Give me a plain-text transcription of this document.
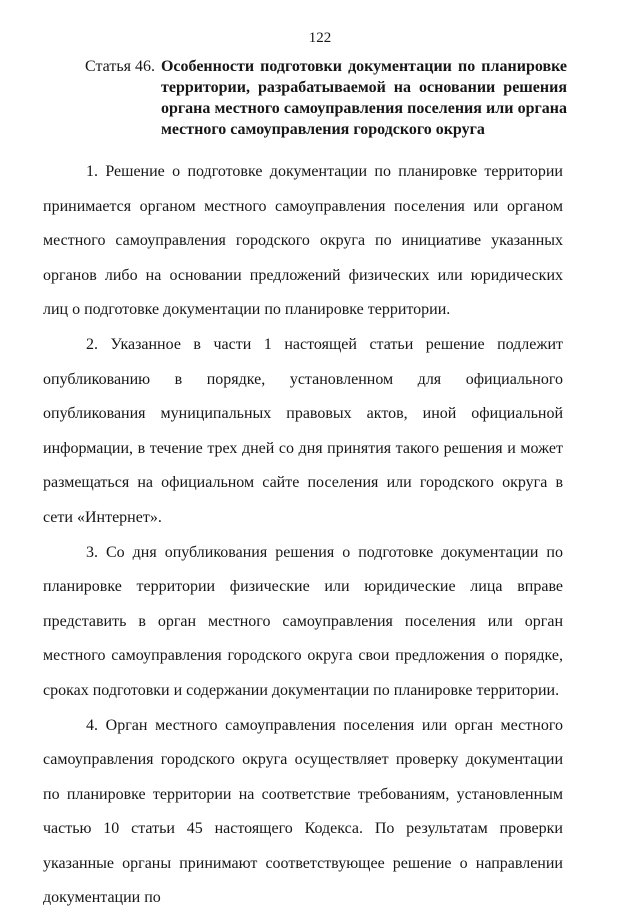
122
Статья 46. Особенности подготовки документации по планировке территории, разрабатываемой на основании решения органа местного самоуправления поселения или органа местного самоуправления городского округа

1. Решение о подготовке документации по планировке территории принимается органом местного самоуправления поселения или органом местного самоуправления городского округа по инициативе указанных органов либо на основании предложений физических или юридических лиц о подготовке документации по планировке территории.

2. Указанное в части 1 настоящей статьи решение подлежит опубликованию в порядке, установленном для официального опубликования муниципальных правовых актов, иной официальной информации, в течение трех дней со дня принятия такого решения и может размещаться на официальном сайте поселения или городского округа в сети «Интернет».

3. Со дня опубликования решения о подготовке документации по планировке территории физические или юридические лица вправе представить в орган местного самоуправления поселения или орган местного самоуправления городского округа свои предложения о порядке, сроках подготовки и содержании документации по планировке территории.

4. Орган местного самоуправления поселения или орган местного самоуправления городского округа осуществляет проверку документации по планировке территории на соответствие требованиям, установленным частью 10 статьи 45 настоящего Кодекса. По результатам проверки указанные органы принимают соответствующее решение о направлении документации по
